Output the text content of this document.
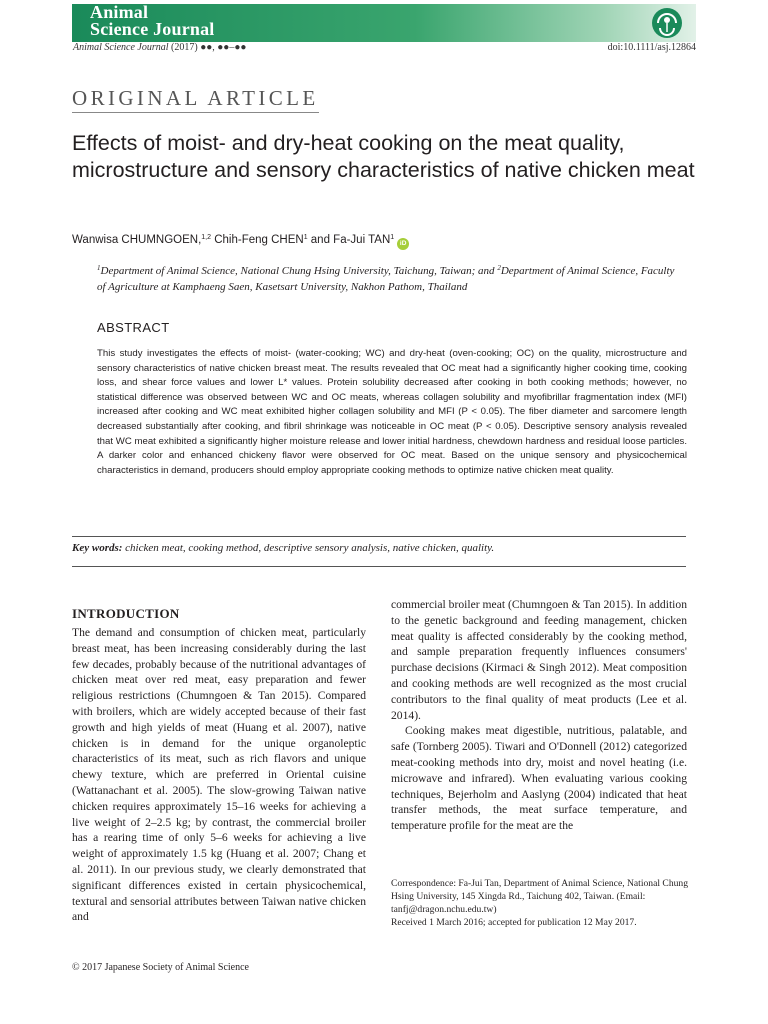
Animal
Science Journal
Animal Science Journal (2017) ●●, ●●–●●	doi:10.1111/asj.12864
ORIGINAL ARTICLE
Effects of moist- and dry-heat cooking on the meat quality, microstructure and sensory characteristics of native chicken meat
Wanwisa CHUMNGOEN,$^{1,2}$ Chih-Feng CHEN$^1$ and Fa-Jui TAN$^1$iD
$^1$Department of Animal Science, National Chung Hsing University, Taichung, Taiwan; and $^2$Department of Animal Science, Faculty of Agriculture at Kamphaeng Saen, Kasetsart University, Nakhon Pathom, Thailand
ABSTRACT
This study investigates the effects of moist- (water-cooking; WC) and dry-heat (oven-cooking; OC) on the quality, microstructure and sensory characteristics of native chicken breast meat. The results revealed that OC meat had a significantly higher cooking time, cooking loss, and shear force values and lower L* values. Protein solubility decreased after cooking in both cooking methods; however, no statistical difference was observed between WC and OC meats, whereas collagen solubility and myofibrillar fragmentation index (MFI) increased after cooking and WC meat exhibited higher collagen solubility and MFI (P < 0.05). The fiber diameter and sarcomere length decreased substantially after cooking, and fibril shrinkage was noticeable in OC meat (P < 0.05). Descriptive sensory analysis revealed that WC meat exhibited a significantly higher moisture release and lower initial hardness, chewdown hardness and residual loose particles. A darker color and enhanced chickeny flavor were observed for OC meat. Based on the unique sensory and physicochemical characteristics in demand, producers should employ appropriate cooking methods to optimize native chicken meat quality.
Key words: chicken meat, cooking method, descriptive sensory analysis, native chicken, quality.
INTRODUCTION

The demand and consumption of chicken meat, particularly breast meat, has been increasing considerably during the last few decades, probably because of the nutritional advantages of chicken meat over red meat, easy preparation and fewer religious restrictions (Chumngoen & Tan 2015). Compared with broilers, which are widely accepted because of their fast growth and high yields of meat (Huang et al. 2007), native chicken is in demand for the unique organoleptic characteristics of its meat, such as rich flavors and unique chewy texture, which are preferred in Oriental cuisine (Wattanachant et al. 2005). The slow-growing Taiwan native chicken requires approximately 15–16 weeks for achieving a live weight of 2–2.5 kg; by contrast, the commercial broiler has a rearing time of only 5–6 weeks for achieving a live weight of approximately 1.5 kg (Huang et al. 2007; Chang et al. 2011). In our previous study, we clearly demonstrated that significant differences existed in certain physicochemical, textural and sensorial attributes between Taiwan native chicken and

commercial broiler meat (Chumngoen & Tan 2015). In addition to the genetic background and feeding management, chicken meat quality is affected considerably by the cooking method, and sample preparation frequently influences consumers' purchase decisions (Kirmaci & Singh 2012). Meat composition and cooking methods are well recognized as the most crucial contributors to the final quality of meat products (Lee et al. 2014).

Cooking makes meat digestible, nutritious, palatable, and safe (Tornberg 2005). Tiwari and O'Donnell (2012) categorized meat-cooking methods into dry, moist and novel heating (i.e. microwave and infrared). When evaluating various cooking techniques, Bejerholm and Aaslyng (2004) indicated that heat transfer methods, the meat surface temperature, and temperature profile for the meat are the

Correspondence: Fa-Jui Tan, Department of Animal Science, National Chung Hsing University, 145 Xingda Rd., Taichung 402, Taiwan. (Email: tanfj@dragon.nchu.edu.tw)
Received 1 March 2016; accepted for publication 12 May 2017.
© 2017 Japanese Society of Animal Science
